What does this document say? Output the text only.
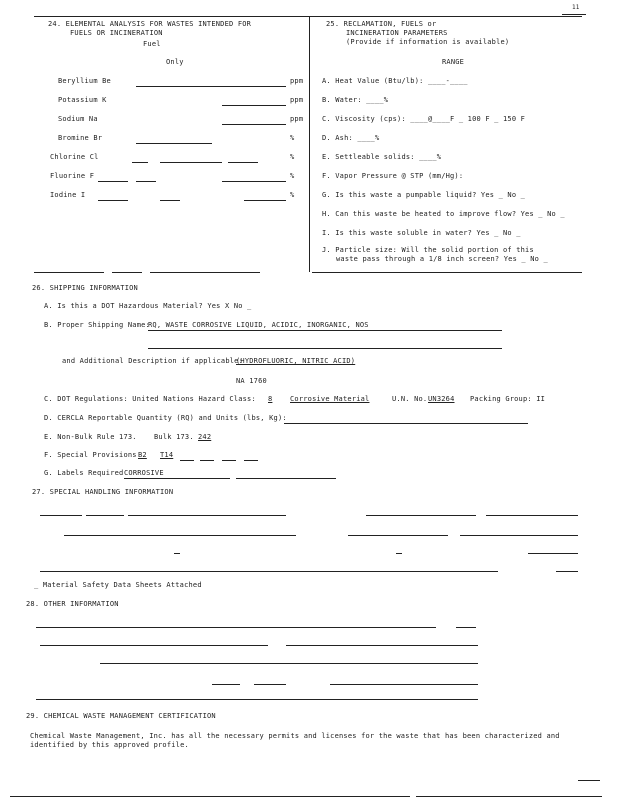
11
24. ELEMENTAL ANALYSIS FOR WASTES INTENDED FOR
FUELS OR INCINERATION
Fuel
Only
Beryllium Be	ppm
Potassium K	ppm
Sodium Na	ppm
Bromine Br	%
Chlorine Cl	%
Fluorine F	%
Iodine I	%
25. RECLAMATION, FUELS or
INCINERATION PARAMETERS
(Provide if information is available)
RANGE
A. Heat Value (Btu/lb): ____-____
B. Water: ____%
C. Viscosity (cps): ____@____F _ 100 F _ 150 F
D. Ash: ____%
E. Settleable solids: ____%
F. Vapor Pressure @ STP (mm/Hg):
G. Is this waste a pumpable liquid? Yes _ No _
H. Can this waste be heated to improve flow? Yes _ No _
I. Is this waste soluble in water? Yes _ No _
J. Particle size: Will the solid portion of this
waste pass through a 1/8 inch screen? Yes _ No _
26. SHIPPING INFORMATION
A. Is this a DOT Hazardous Material? Yes X No _
B. Proper Shipping Name:
RQ, WASTE CORROSIVE LIQUID, ACIDIC, INORGANIC, NOS
and Additional Description if applicable:
(HYDROFLUORIC, NITRIC ACID)
NA 1760
C. DOT Regulations: United Nations Hazard Class: 8	Corrosive Material	U.N. No. UN3264 Packing Group: II
D. CERCLA Reportable Quantity (RQ) and Units (lbs, Kg):
E. Non-Bulk Rule 173. Bulk 173. 242
F. Special Provisions B2 T14
G. Labels Required CORROSIVE
27. SPECIAL HANDLING INFORMATION
_ Material Safety Data Sheets Attached
28. OTHER INFORMATION
29. CHEMICAL WASTE MANAGEMENT CERTIFICATION
Chemical Waste Management, Inc. has all the necessary permits and licenses for the waste that has been characterized and
identified by this approved profile.
